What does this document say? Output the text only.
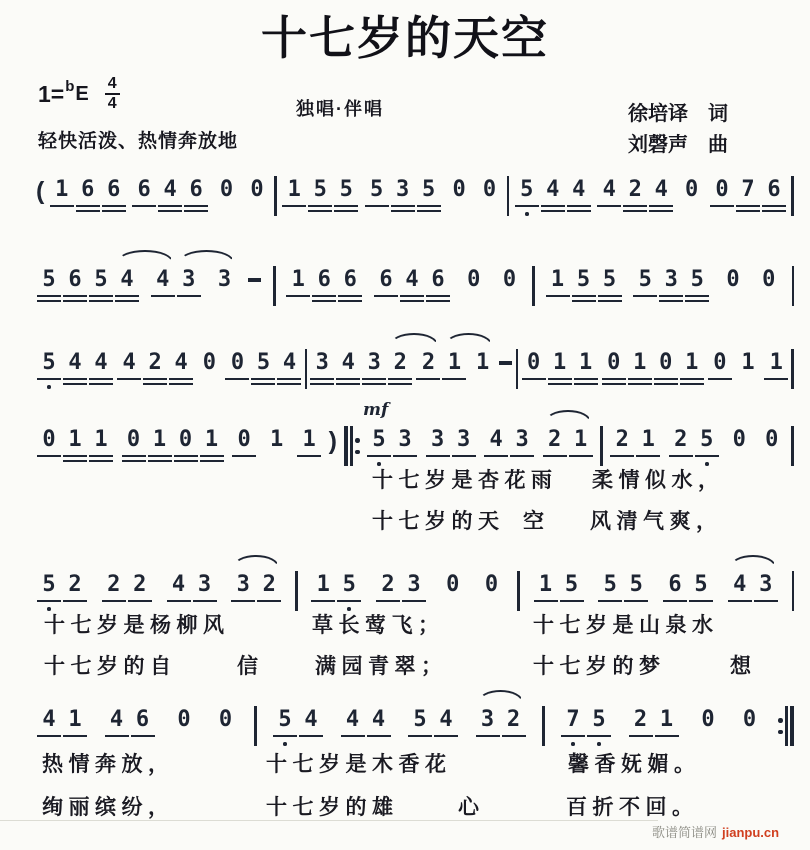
十七岁的天空
1= b E $\frac{4}{4}$	独唱·伴唱
轻快活泼、热情奔放地
徐培译　词
刘磬声　曲
( 1 6 6 6 4 6 0 0 1 5 5 5 3 5 0 0 5 4 4 4 2 4 0 0 7 6
5 6 5 4 4 3 3	1 6 6 6 4 6 0 0 1 5 5 5 3 5 0 0
5 4 4 4 2 4 0 0 5 4 3 4 3 2 2 1 1 0 1 1 0 1 0 1 0 1 1
0 1 1 0 1 0 1 0 1 1 ) 5
mf
3 3 3 4 3 2 1 2 1 2 5 0 0
5 2 2 2 4 3 3 2 1 5 2 3 0 0 1 5 5 5 6 5 4 3
4 1 4 6 0 0 5 4 4 4 5 4 3 2 7 5 2 1 0 0
十七岁是杏花雨 柔情似水，
十七岁的天 空 风清气爽，
十七岁是杨柳风	草长莺飞；	十七岁是山泉水
十七岁的自	信 满园青翠；	十七岁的梦	想
热情奔放，	十七岁是木香花	馨香妩媚。
绚丽缤纷，	十七岁的雄	心	百折不回。
歌谱简谱网 jianpu.cn
